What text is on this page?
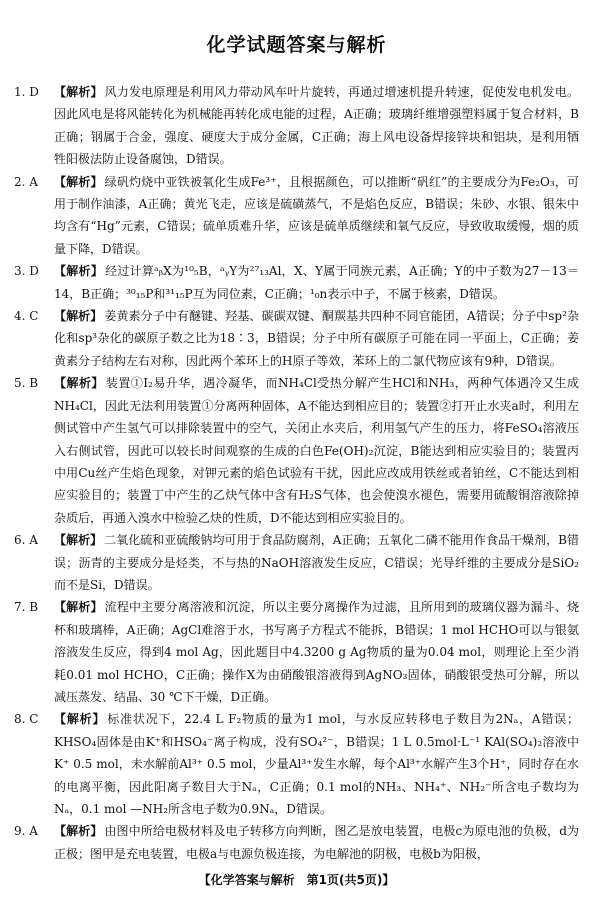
化学试题答案与解析
1. D	【解析】 风力发电原理是利用风力带动风车叶片旋转，再通过增速机提升转速，促使发电机发电。因此风电是将风能转化为机械能再转化成电能的过程，A正确；玻璃纤维增强塑料属于复合材料，B正确；钢属于合金，强度、硬度大于成分金属，C正确；海上风电设备焊接锌块和铝块，是利用牺牲阳极法防止设备腐蚀，D错误。
2. A	【解析】 绿矾灼烧中亚铁被氧化生成Fe³⁺，且根据颜色，可以推断“矾红”的主要成分为Fe₂O₃，可用于制作油漆，A正确；黄光飞走，应该是硫磺蒸气，不是焰色反应，B错误；朱砂、水银、银朱中均含有“Hg”元素，C错误；硫单质难升华，应该是硫单质继续和氧气反应，导致收取缓慢，烟的质量下降，D错误。
3. D	【解析】 经过计算ᵃᵦX为¹⁰₅B，ᵃᵧY为²⁷₁₃Al，X、Y属于同族元素，A正确；Y的中子数为27－13＝14，B正确；³⁰₁₅P和³¹₁₅P互为同位素，C正确；¹₀n表示中子，不属于核素，D错误。
4. C	【解析】 姜黄素分子中有醚键、羟基、碳碳双键、酮羰基共四种不同官能团，A错误；分子中sp²杂化和sp³杂化的碳原子数之比为18∶3，B错误；分子中所有碳原子可能在同一平面上，C正确；姜黄素分子结构左右对称，因此两个苯环上的H原子等效，苯环上的二氯代物应该有9种，D错误。
5. B	【解析】 装置①I₂易升华，遇冷凝华，而NH₄Cl受热分解产生HCl和NH₃，两种气体遇冷又生成NH₄Cl，因此无法利用装置①分离两种固体，A不能达到相应目的；装置②打开止水夹a时，利用左侧试管中产生氢气可以排除装置中的空气，关闭止水夹后，利用氢气产生的压力，将FeSO₄溶液压入右侧试管，因此可以较长时间观察的生成的白色Fe(OH)₂沉淀，B能达到相应实验目的；装置丙中用Cu丝产生焰色现象，对钾元素的焰色试验有干扰，因此应改成用铁丝或者铂丝，C不能达到相应实验目的；装置丁中产生的乙炔气体中含有H₂S气体，也会使溴水褪色，需要用硫酸铜溶液除掉杂质后，再通入溴水中检验乙炔的性质，D不能达到相应实验目的。
6. A	【解析】 二氧化硫和亚硫酸钠均可用于食品防腐剂，A正确；五氧化二磷不能用作食品干燥剂，B错误；沥青的主要成分是烃类，不与热的NaOH溶液发生反应，C错误；光导纤维的主要成分是SiO₂而不是Si，D错误。
7. B	【解析】 流程中主要分离溶液和沉淀，所以主要分离操作为过滤，且所用到的玻璃仪器为漏斗、烧杯和玻璃棒，A正确；AgCl难溶于水，书写离子方程式不能拆，B错误；1 mol HCHO可以与银氨溶液发生反应，得到4 mol Ag，因此题目中4.3200 g Ag物质的量为0.04 mol，则理论上至少消耗0.01 mol HCHO，C正确；操作X为由硝酸银溶液得到AgNO₃固体，硝酸银受热可分解，所以减压蒸发、结晶、30 ℃下干燥，D正确。
8. C	【解析】 标准状况下，22.4 L F₂物质的量为1 mol，与水反应转移电子数目为2Nₐ，A错误；KHSO₄固体是由K⁺和HSO₄⁻离子构成，没有SO₄²⁻，B错误；1 L 0.5mol·L⁻¹ KAl(SO₄)₂溶液中K⁺ 0.5 mol，未水解前Al³⁺ 0.5 mol，少量Al³⁺发生水解，每个Al³⁺水解产生3个H⁺，同时存在水的电离平衡，因此阳离子数目大于Nₐ，C正确；0.1 mol的NH₃、NH₄⁺、NH₂⁻所含电子数均为Nₐ，0.1 mol —NH₂所含电子数为0.9Nₐ，D错误。
9. A	【解析】 由图中所给电极材料及电子转移方向判断，图乙是放电装置，电极c为原电池的负极，d为正极；图甲是充电装置，电极a与电源负极连接，为电解池的阴极，电极b为阳极，
【化学答案与解析　第1页(共5页)】
